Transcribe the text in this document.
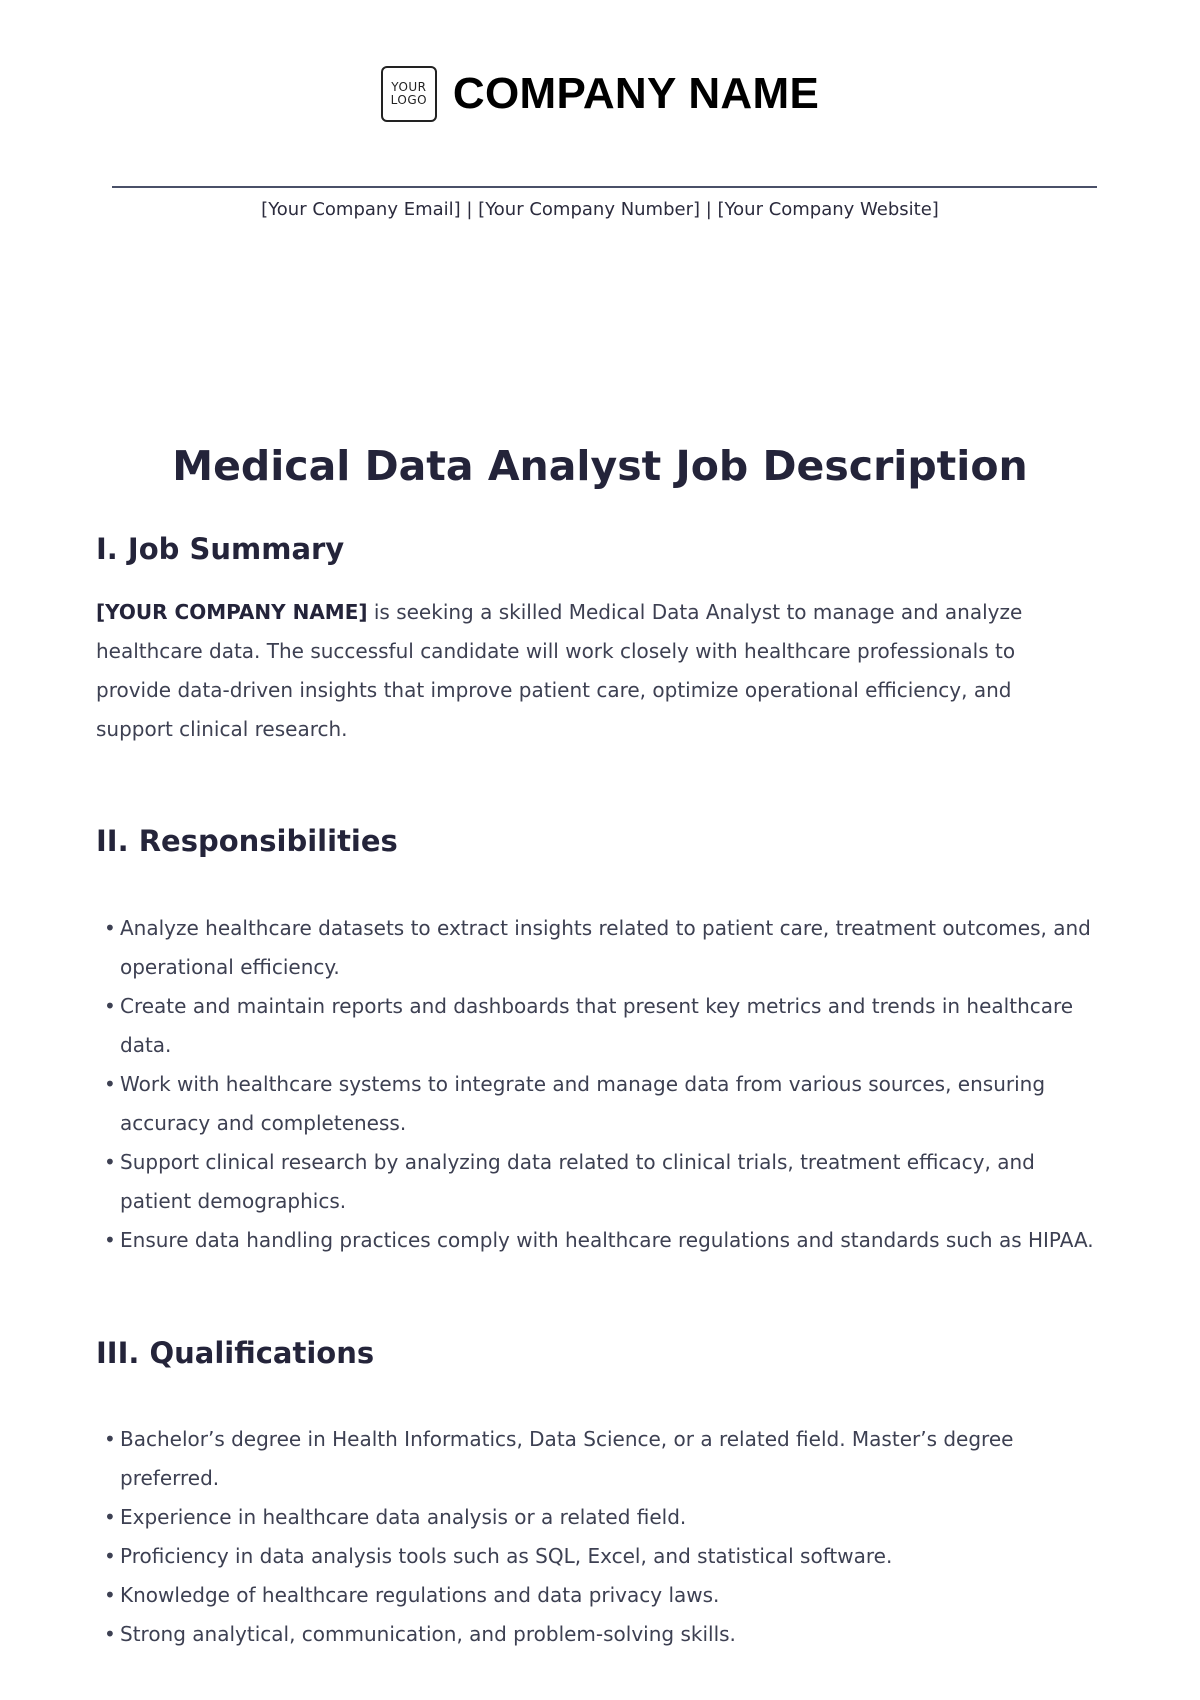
YOUR
LOGO COMPANY NAME
[Your Company Email] | [Your Company Number] | [Your Company Website]
Medical Data Analyst Job Description
I. Job Summary

[YOUR COMPANY NAME] is seeking a skilled Medical Data Analyst to manage and analyze healthcare data. The successful candidate will work closely with healthcare professionals to provide data-driven insights that improve patient care, optimize operational efficiency, and support clinical research.

II. Responsibilities
• Analyze healthcare datasets to extract insights related to patient care, treatment outcomes, and operational efficiency.
• Create and maintain reports and dashboards that present key metrics and trends in healthcare data.
• Work with healthcare systems to integrate and manage data from various sources, ensuring accuracy and completeness.
• Support clinical research by analyzing data related to clinical trials, treatment efficacy, and patient demographics.
• Ensure data handling practices comply with healthcare regulations and standards such as HIPAA.
III. Qualifications
• Bachelor’s degree in Health Informatics, Data Science, or a related field. Master’s degree preferred.
• Experience in healthcare data analysis or a related field.
• Proficiency in data analysis tools such as SQL, Excel, and statistical software.
• Knowledge of healthcare regulations and data privacy laws.
• Strong analytical, communication, and problem-solving skills.
